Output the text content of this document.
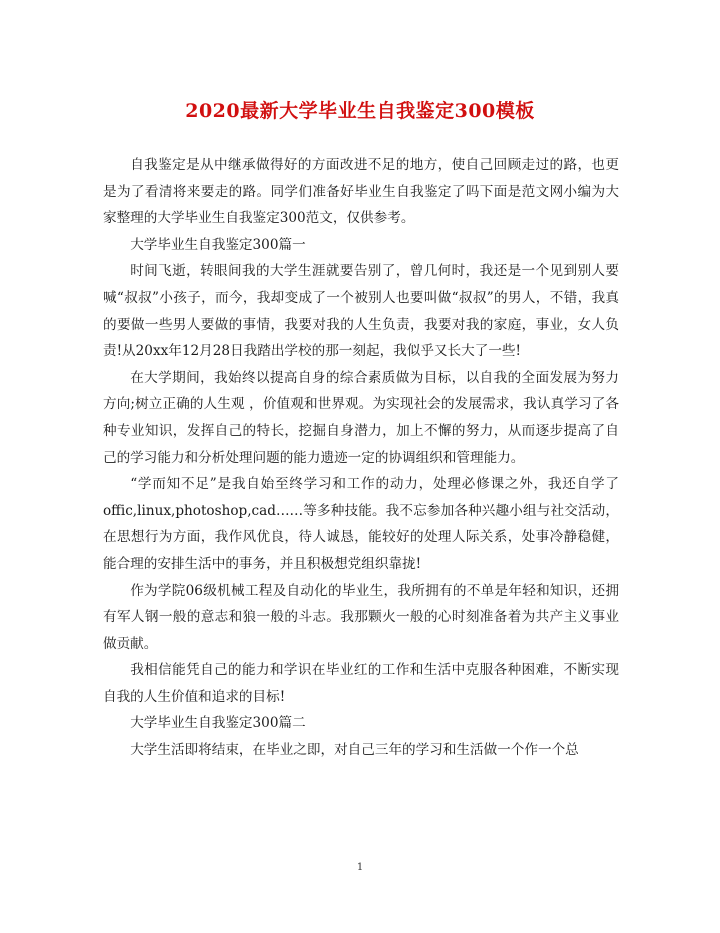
2020最新大学毕业生自我鉴定300模板

自我鉴定是从中继承做得好的方面改进不足的地方，使自己回顾走过的路，也更是为了看清将来要走的路。同学们准备好毕业生自我鉴定了吗下面是范文网小编为大家整理的大学毕业生自我鉴定300范文，仅供参考。

大学毕业生自我鉴定300篇一

时间飞逝，转眼间我的大学生涯就要告别了，曾几何时，我还是一个见到别人要喊“叔叔”小孩子，而今，我却变成了一个被别人也要叫做“叔叔”的男人，不错，我真的要做一些男人要做的事情，我要对我的人生负责，我要对我的家庭，事业，女人负责!从20xx年12月28日我踏出学校的那一刻起，我似乎又长大了一些!

在大学期间，我始终以提高自身的综合素质做为目标，以自我的全面发展为努力方向;树立正确的人生观 ，价值观和世界观。为实现社会的发展需求，我认真学习了各种专业知识，发挥自己的特长，挖掘自身潜力，加上不懈的努力，从而逐步提高了自己的学习能力和分析处理问题的能力遗迹一定的协调组织和管理能力。

“学而知不足”是我自始至终学习和工作的动力，处理必修课之外，我还自学了offic,linux,photoshop,cad……等多种技能。我不忘参加各种兴趣小组与社交活动，在思想行为方面，我作风优良，待人诚恳，能较好的处理人际关系，处事冷静稳健，能合理的安排生活中的事务，并且积极想党组织靠拢!

作为学院06级机械工程及自动化的毕业生，我所拥有的不单是年轻和知识，还拥有军人钢一般的意志和狼一般的斗志。我那颗火一般的心时刻准备着为共产主义事业做贡献。

我相信能凭自己的能力和学识在毕业红的工作和生活中克服各种困难，不断实现自我的人生价值和追求的目标!

大学毕业生自我鉴定300篇二

大学生活即将结束，在毕业之即，对自己三年的学习和生活做一个作一个总

1
